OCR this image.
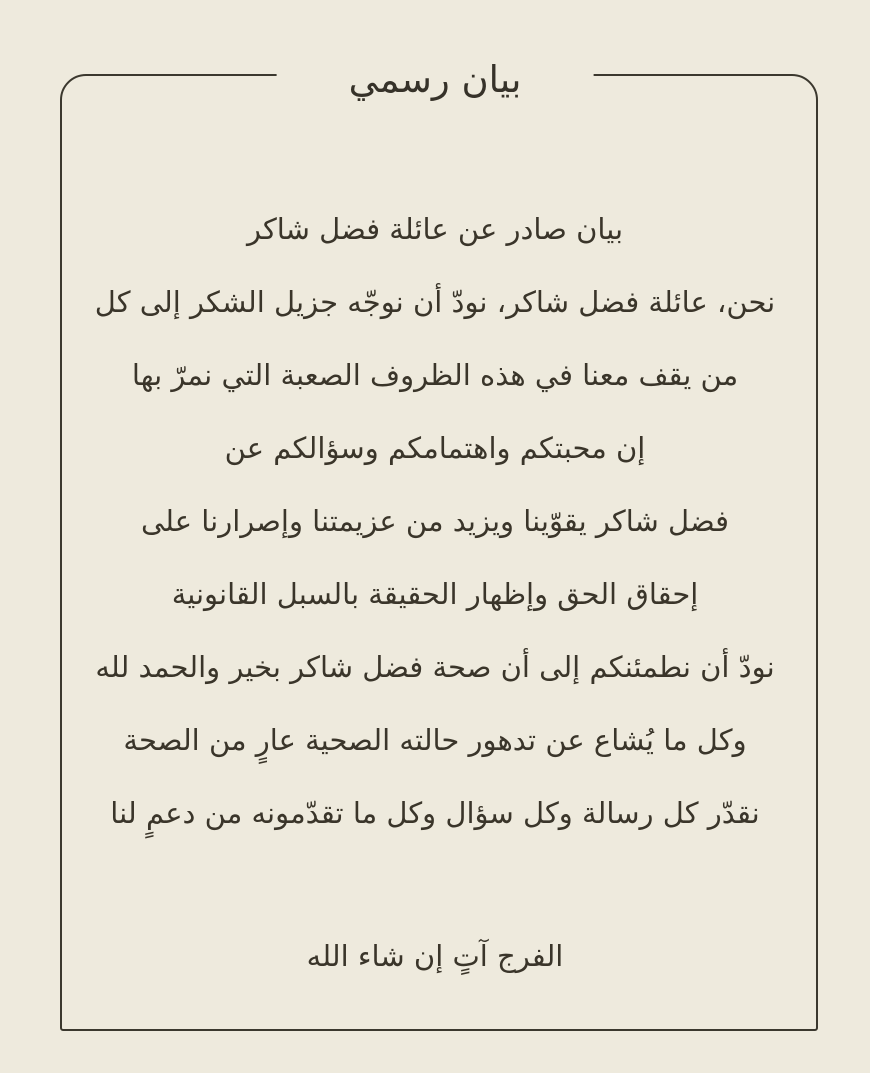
بيان رسمي
بيان صادر عن عائلة فضل شاكر
نحن، عائلة فضل شاكر، نودّ أن نوجّه جزيل الشكر إلى كل
من يقف معنا في هذه الظروف الصعبة التي نمرّ بها
إن محبتكم واهتمامكم وسؤالكم عن
فضل شاكر يقوّينا ويزيد من عزيمتنا وإصرارنا على
إحقاق الحق وإظهار الحقيقة بالسبل القانونية
نودّ أن نطمئنكم إلى أن صحة فضل شاكر بخير والحمد لله
وكل ما يُشاع عن تدهور حالته الصحية عارٍ من الصحة
نقدّر كل رسالة وكل سؤال وكل ما تقدّمونه من دعمٍ لنا
الفرج آتٍ إن شاء الله
